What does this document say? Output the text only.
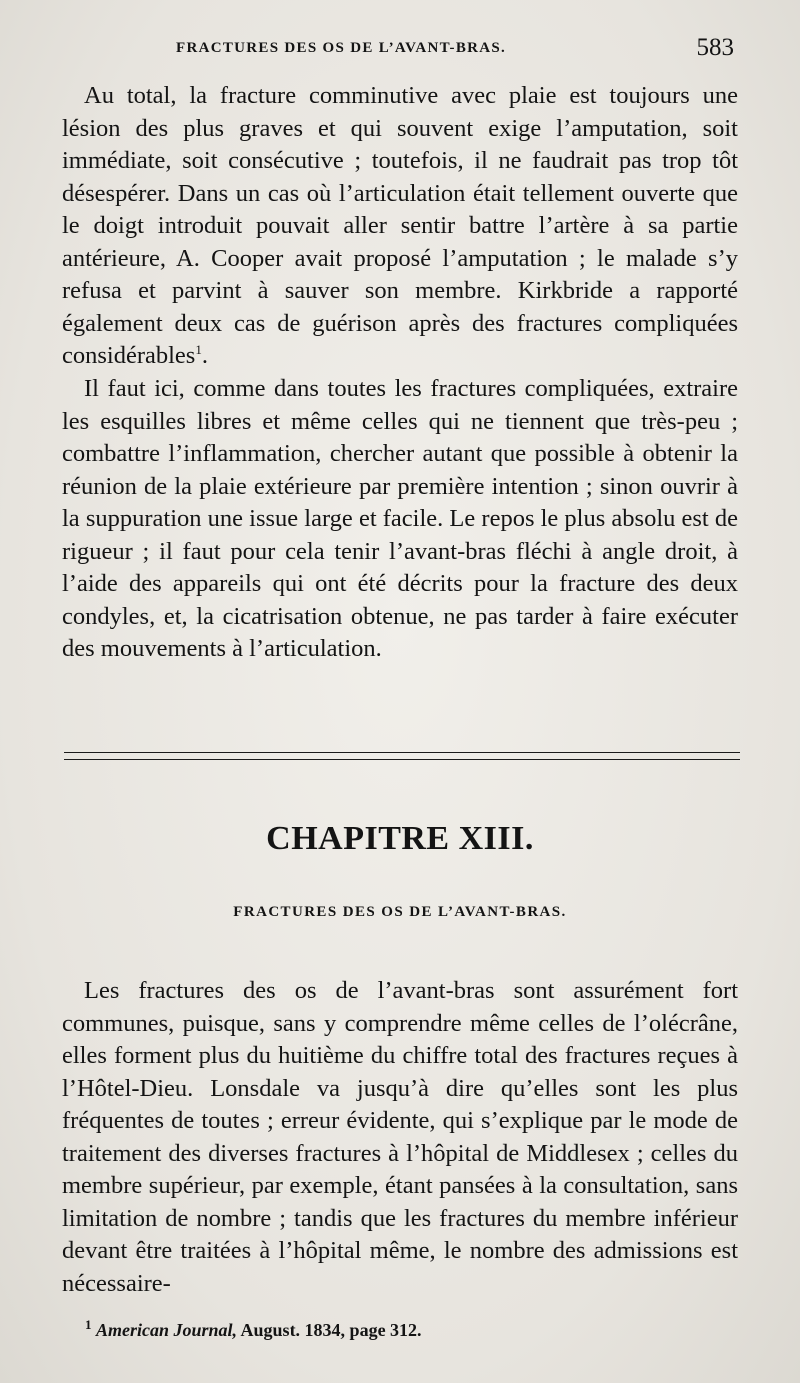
FRACTURES DES OS DE L’AVANT-BRAS.	583

Au total, la fracture comminutive avec plaie est toujours une lésion des plus graves et qui souvent exige l’amputation, soit immédiate, soit consécutive ; toutefois, il ne faudrait pas trop tôt désespérer. Dans un cas où l’articulation était tellement ouverte que le doigt introduit pouvait aller sentir battre l’artère à sa partie antérieure, A. Cooper avait proposé l’amputation ; le malade s’y refusa et parvint à sauver son membre. Kirkbride a rapporté également deux cas de guérison après des fractures compliquées considérables$^1$.

Il faut ici, comme dans toutes les fractures compliquées, extraire les esquilles libres et même celles qui ne tiennent que très-peu ; combattre l’inflammation, chercher autant que possible à obtenir la réunion de la plaie extérieure par première intention ; sinon ouvrir à la suppuration une issue large et facile. Le repos le plus absolu est de rigueur ; il faut pour cela tenir l’avant-bras fléchi à angle droit, à l’aide des appareils qui ont été décrits pour la fracture des deux condyles, et, la cicatrisation obtenue, ne pas tarder à faire exécuter des mouvements à l’articulation.

CHAPITRE XIII.
FRACTURES DES OS DE L’AVANT-BRAS.

Les fractures des os de l’avant-bras sont assurément fort communes, puisque, sans y comprendre même celles de l’olécrâne, elles forment plus du huitième du chiffre total des fractures reçues à l’Hôtel-Dieu. Lonsdale va jusqu’à dire qu’elles sont les plus fréquentes de toutes ; erreur évidente, qui s’explique par le mode de traitement des diverses fractures à l’hôpital de Middlesex ; celles du membre supérieur, par exemple, étant pansées à la consultation, sans limitation de nombre ; tandis que les fractures du membre inférieur devant être traitées à l’hôpital même, le nombre des admissions est nécessaire-

$^1$ American Journal, August. 1834, page 312.
